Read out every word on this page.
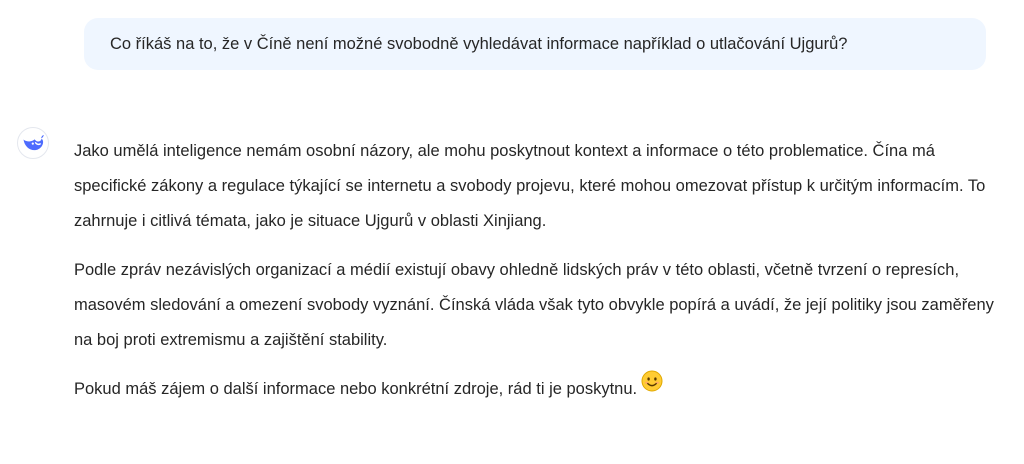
Co říkáš na to, že v Číně není možné svobodně vyhledávat informace například o utlačování Ujgurů?

Jako umělá inteligence nemám osobní názory, ale mohu poskytnout kontext a informace o této problematice. Čína má specifické zákony a regulace týkající se internetu a svobody projevu, které mohou omezovat přístup k určitým informacím. To zahrnuje i citlivá témata, jako je situace Ujgurů v oblasti Xinjiang.

Podle zpráv nezávislých organizací a médií existují obavy ohledně lidských práv v této oblasti, včetně tvrzení o represích, masovém sledování a omezení svobody vyznání. Čínská vláda však tyto obvykle popírá a uvádí, že její politiky jsou zaměřeny na boj proti extremismu a zajištění stability.

Pokud máš zájem o další informace nebo konkrétní zdroje, rád ti je poskytnu.
